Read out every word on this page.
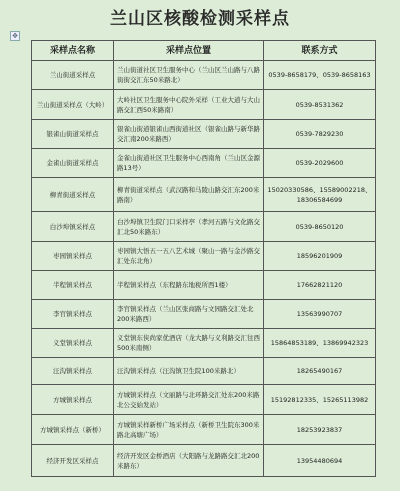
兰山区核酸检测采样点
✥
采样点名称	采样点位置	联系方式
兰山街道采样点	兰山街道社区卫生服务中心（兰山区兰山路与八路街街交汇东50米路北）	0539-8658179、0539-8658163
兰山街道采样点（大岭）	大岭社区卫生服务中心院外采样（工业大道与大山路交汇西50米路南）	0539-8531362
银雀山街道采样点	银雀山街道银雀山西街道社区（银雀山路与新华路交汇南200米路西）	0539-7829230
金雀山街道采样点	金雀山街道社区卫生服务中心西南角（兰山区金源路13号）	0539-2029600
柳青街道采样点	柳青街道采样点（武汉路和马陵山路交汇东200米路南）	15020330586、15589002218、18306584699
白沙埠镇采样点	白沙埠镇卫生院门口采样亭（孝河五路与文化路交汇北50米路东）	0539-8650120
枣园镇采样点	枣园镇大悟五一五八艺术城（聚山一路与金沙路交汇处东北角）	18596201909
半程镇采样点	半程镇采样点（东程路东地税所西1楼）	17662821120
李官镇采样点	李官镇采样点（兰山区张商路与文园路交汇处北200米路西）	13563990707
义堂镇采样点	义堂镇东侠尚家优酒店（龙大路与义利路交汇往西500米南侧）	15864853189、13869942323
汪沟镇采样点	汪沟镇采样点（汪沟镇卫生院100米路北）	18265490167
方城镇采样点	方城镇采样点（文丽路与北环路交汇处东200米路北公交始发站）	15192812335、15265113982
方城镇采样点（新桥）	方城镇采样新桥广场采样点（新桥卫生院东300米路北高塘广场）	18253923837
经济开发区采样点	经济开发区金桥酒店（大阳路与龙路路交汇北200米路东）	13954480694
